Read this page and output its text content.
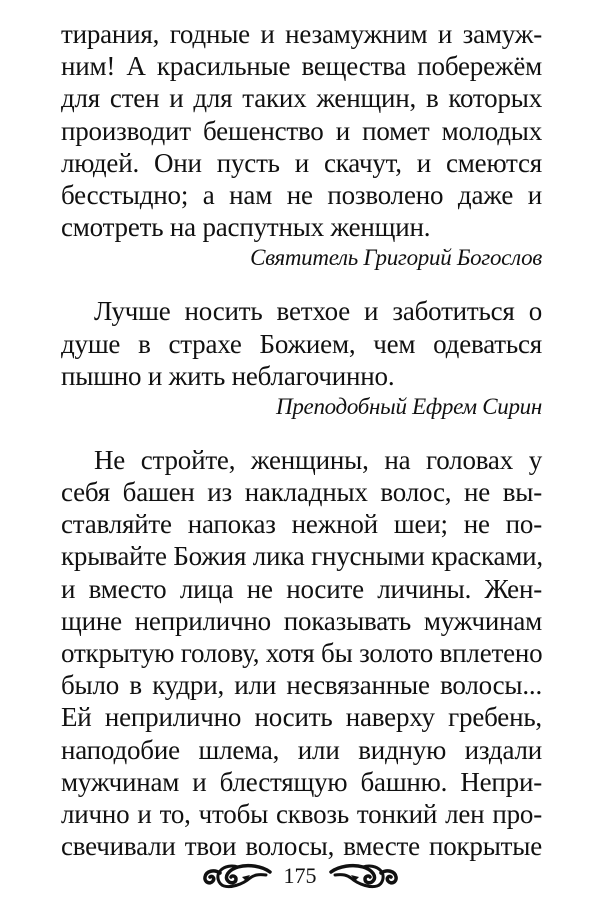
тирания, годные и незамужним и замуж-
ним! А красильные вещества побережём
для стен и для таких женщин, в которых
производит бешенство и помет молодых
людей. Они пусть и скачут, и смеются
бесстыдно; а нам не позволено даже и
смотреть на распутных женщин.
Святитель Григорий Богослов
Лучше носить ветхое и заботиться о
душе в страхе Божием, чем одеваться
пышно и жить неблагочинно.
Преподобный Ефрем Сирин
Не стройте, женщины, на головах у
себя башен из накладных волос, не вы-
ставляйте напоказ нежной шеи; не по-
крывайте Божия лика гнусными красками,
и вместо лица не носите личины. Жен-
щине неприлично показывать мужчинам
открытую голову, хотя бы золото вплетено
было в кудри, или несвязанные волосы...
Ей неприлично носить наверху гребень,
наподобие шлема, или видную издали
мужчинам и блестящую башню. Непри-
лично и то, чтобы сквозь тонкий лен про-
свечивали твои волосы, вместе покрытые
175
